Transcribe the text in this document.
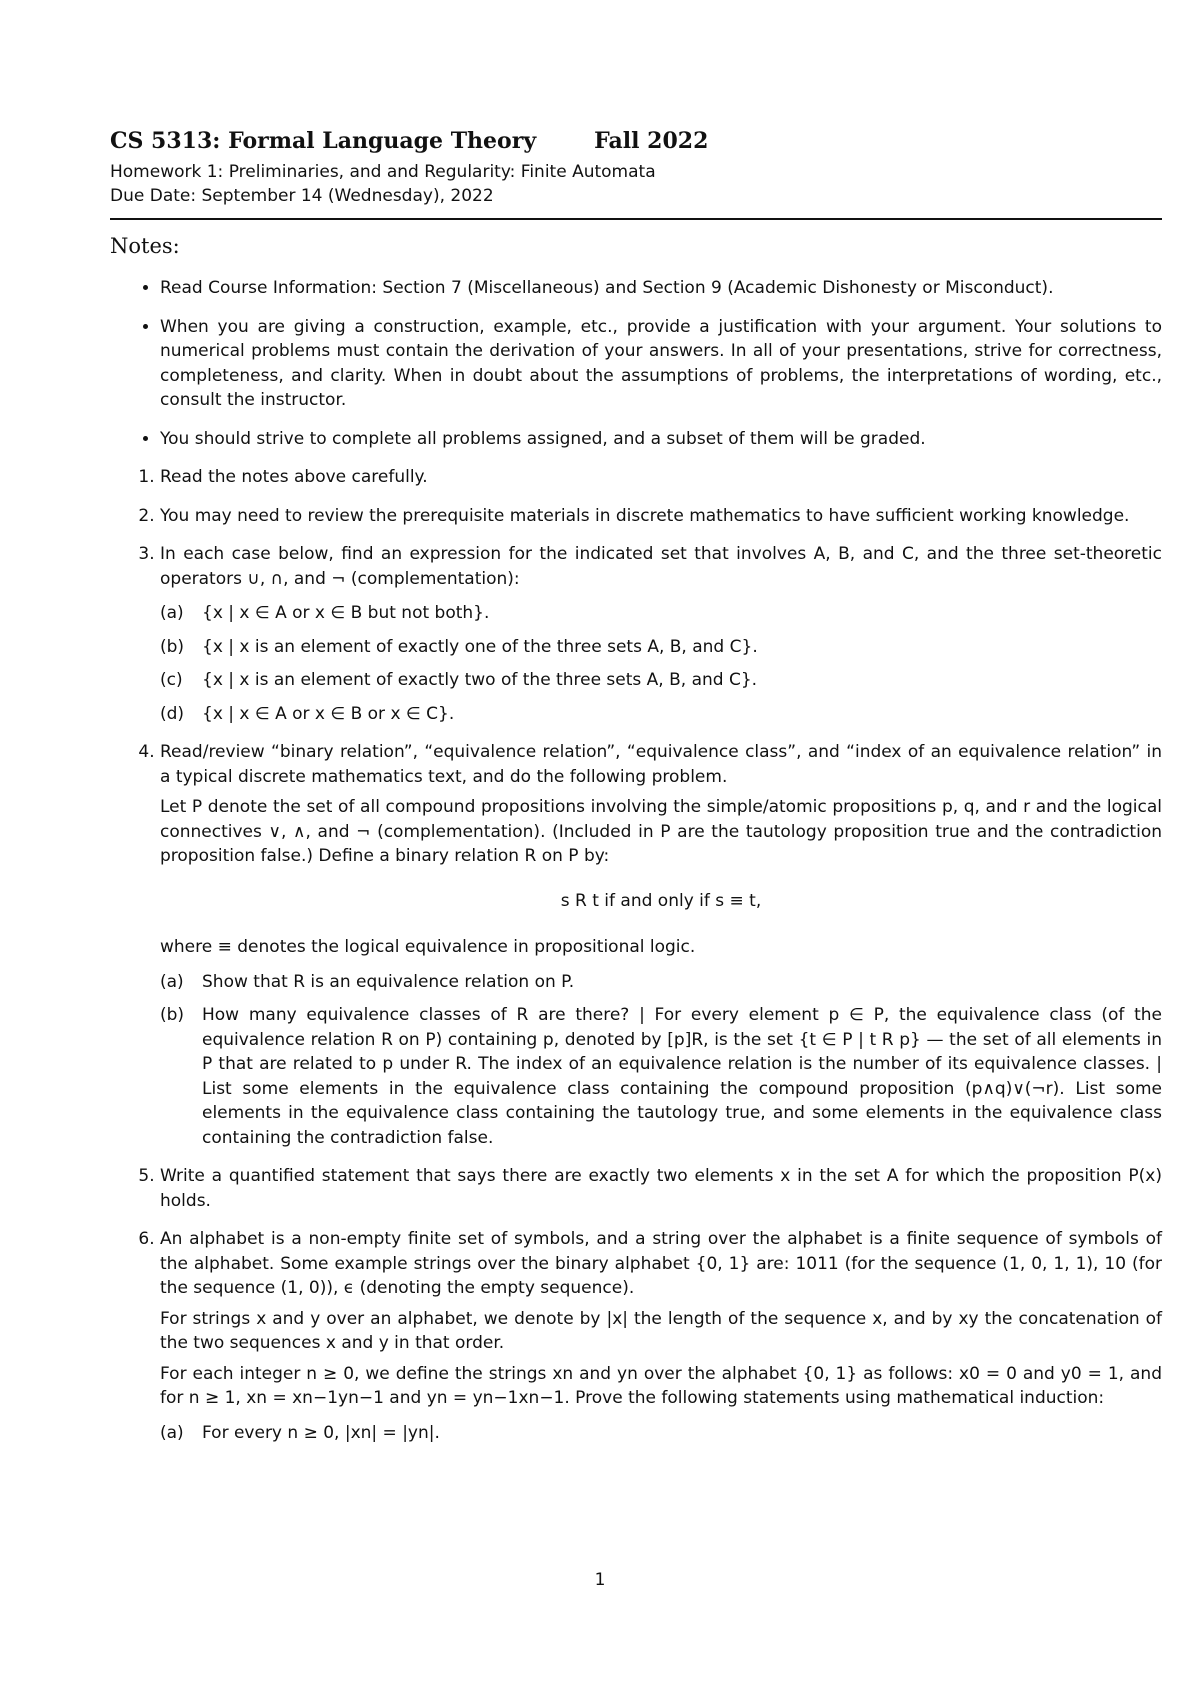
CS 5313: Formal Language Theory	Fall 2022
Homework 1: Preliminaries, and and Regularity: Finite Automata
Due Date: September 14 (Wednesday), 2022
Notes:
• Read Course Information: Section 7 (Miscellaneous) and Section 9 (Academic Dishonesty or Misconduct).
• When you are giving a construction, example, etc., provide a justification with your argument. Your solutions to numerical problems must contain the derivation of your answers. In all of your presentations, strive for correctness, completeness, and clarity. When in doubt about the assumptions of problems, the interpretations of wording, etc., consult the instructor.
• You should strive to complete all problems assigned, and a subset of them will be graded.
1. Read the notes above carefully.
2. You may need to review the prerequisite materials in discrete mathematics to have sufficient working knowledge.
3. In each case below, find an expression for the indicated set that involves A, B, and C, and the three set-theoretic operators ∪, ∩, and ¬ (complementation):
(a)	{x | x ∈ A or x ∈ B but not both}.
(b)	{x | x is an element of exactly one of the three sets A, B, and C}.
(c)	{x | x is an element of exactly two of the three sets A, B, and C}.
(d)	{x | x ∈ A or x ∈ B or x ∈ C}.
4. Read/review “binary relation”, “equivalence relation”, “equivalence class”, and “index of an equivalence relation” in a typical discrete mathematics text, and do the following problem.
Let P denote the set of all compound propositions involving the simple/atomic propositions p, q, and r and the logical connectives ∨, ∧, and ¬ (complementation). (Included in P are the tautology proposition true and the contradiction proposition false.) Define a binary relation R on P by:
s R t if and only if s ≡ t,
where ≡ denotes the logical equivalence in propositional logic.
(a)	Show that R is an equivalence relation on P.
(b)	How many equivalence classes of R are there? | For every element p ∈ P, the equivalence class (of the equivalence relation R on P) containing p, denoted by [p]R, is the set {t ∈ P | t R p} — the set of all elements in P that are related to p under R. The index of an equivalence relation is the number of its equivalence classes. | List some elements in the equivalence class containing the compound proposition (p∧q)∨(¬r). List some elements in the equivalence class containing the tautology true, and some elements in the equivalence class containing the contradiction false.
5. Write a quantified statement that says there are exactly two elements x in the set A for which the proposition P(x) holds.
6. An alphabet is a non-empty finite set of symbols, and a string over the alphabet is a finite sequence of symbols of the alphabet. Some example strings over the binary alphabet {0, 1} are: 1011 (for the sequence (1, 0, 1, 1), 10 (for the sequence (1, 0)), ϵ (denoting the empty sequence).
For strings x and y over an alphabet, we denote by |x| the length of the sequence x, and by xy the concatenation of the two sequences x and y in that order.
For each integer n ≥ 0, we define the strings xn and yn over the alphabet {0, 1} as follows: x0 = 0 and y0 = 1, and for n ≥ 1, xn = xn−1yn−1 and yn = yn−1xn−1. Prove the following statements using mathematical induction:
(a)	For every n ≥ 0, |xn| = |yn|.
1
